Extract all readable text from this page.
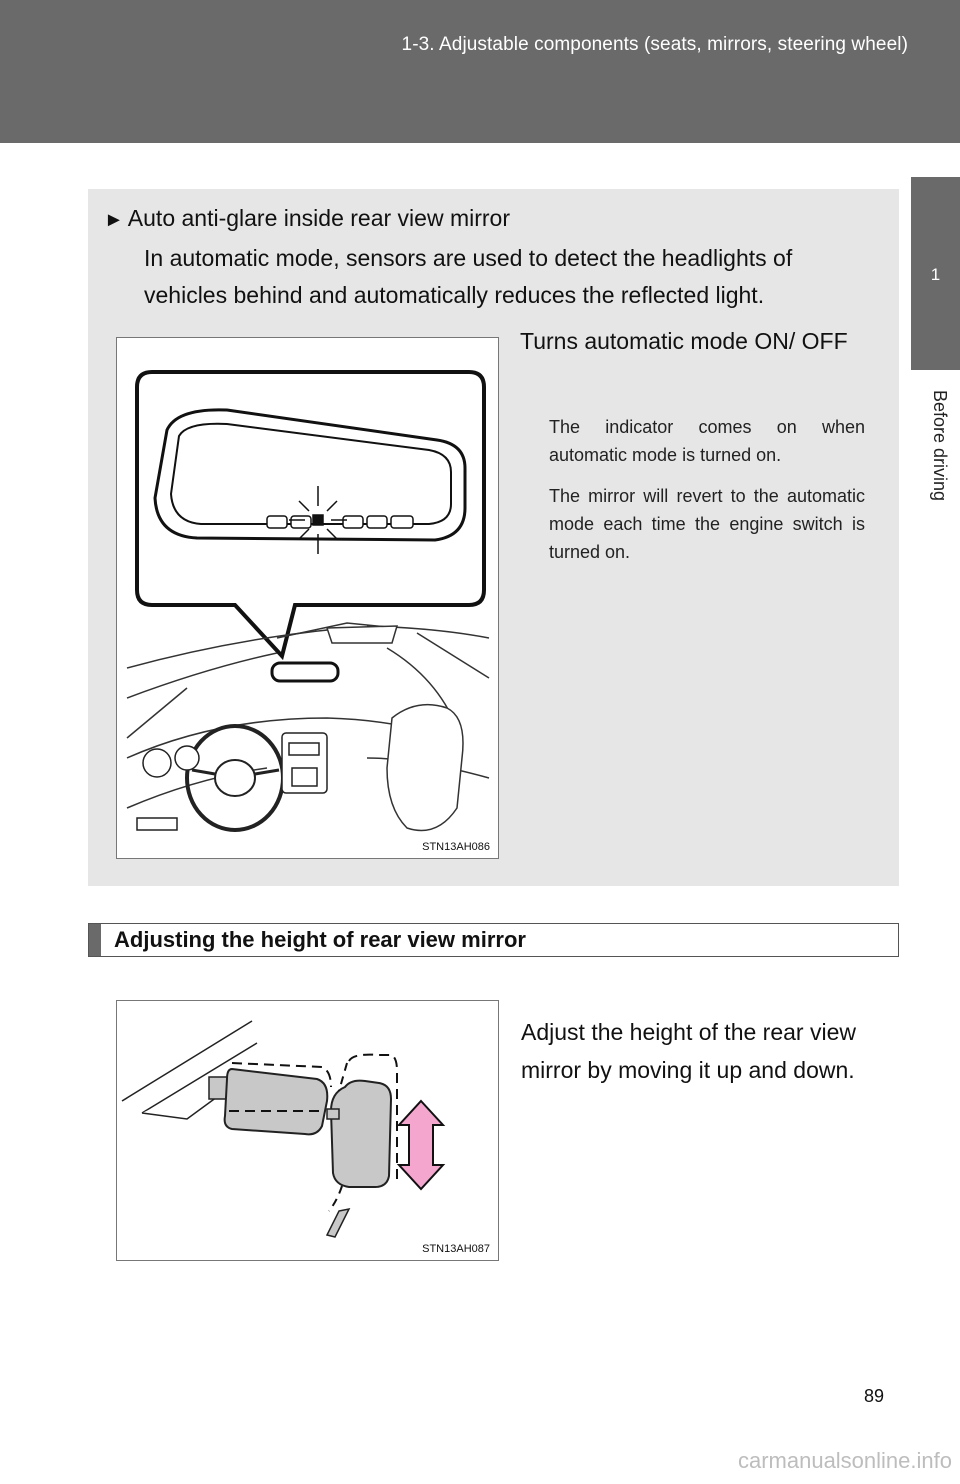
1-3. Adjustable components (seats, mirrors, steering wheel)
1
Before driving
► Auto anti-glare inside rear view mirror
In automatic mode, sensors are used to detect the headlights of vehicles behind and automatically reduces the reflected light.
STN13AH086
Turns automatic mode ON/ OFF
The indicator comes on when automatic mode is turned on.
The mirror will revert to the automatic mode each time the engine switch is turned on.
Adjusting the height of rear view mirror
STN13AH087
Adjust the height of the rear view mirror by moving it up and down.
89
carmanualsonline.info
